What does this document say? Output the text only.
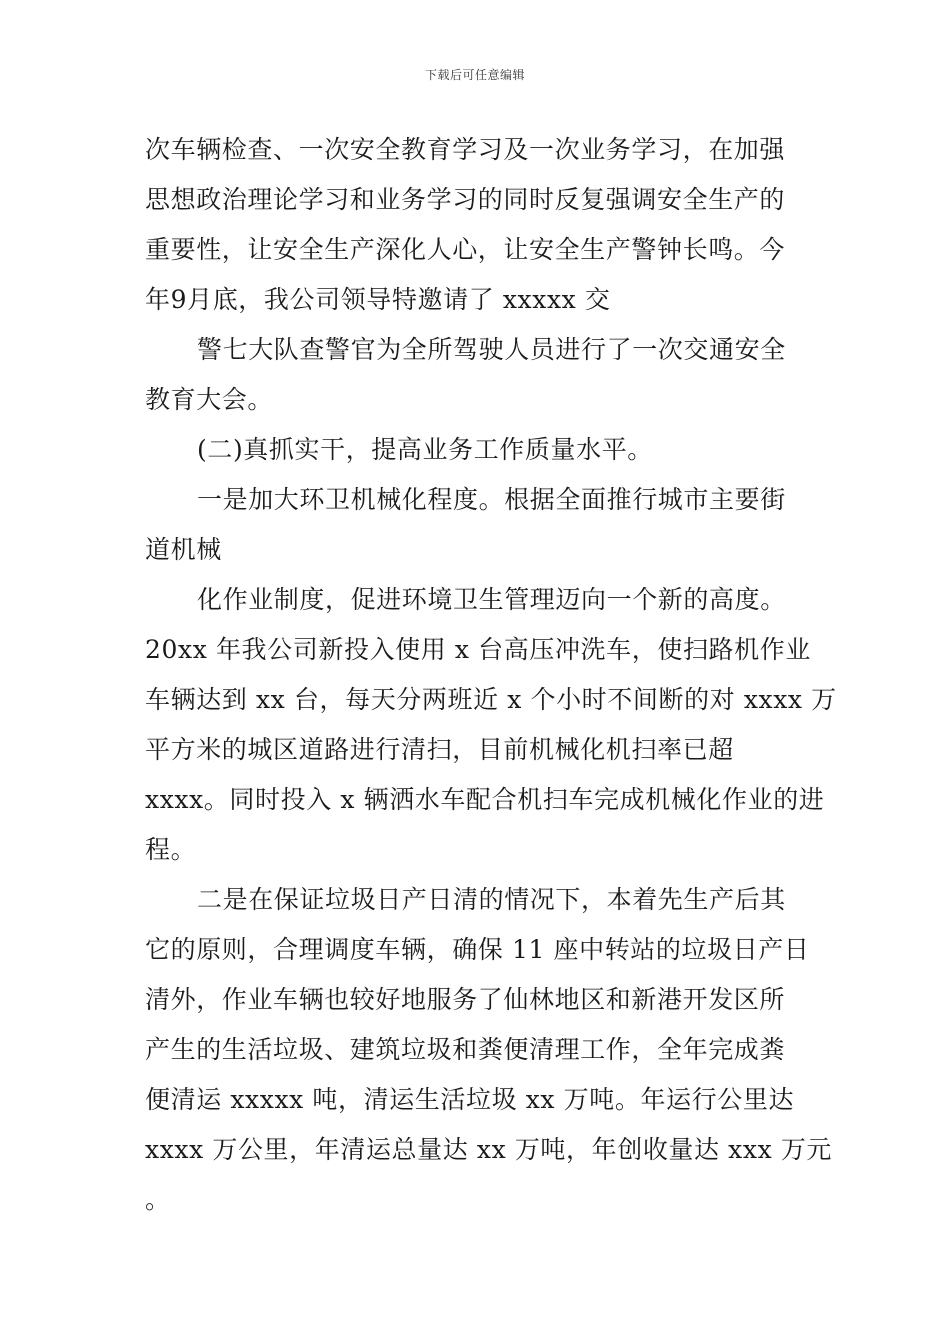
下载后可任意编辑
次车辆检查、一次安全教育学习及一次业务学习，在加强
思想政治理论学习和业务学习的同时反复强调安全生产的
重要性，让安全生产深化人心，让安全生产警钟长鸣。今
年9月底，我公司领导特邀请了 xxxxx 交
警七大队查警官为全所驾驶人员进行了一次交通安全
教育大会。
(二)真抓实干，提高业务工作质量水平。
一是加大环卫机械化程度。根据全面推行城市主要街
道机械
化作业制度，促进环境卫生管理迈向一个新的高度。
20xx 年我公司新投入使用 x 台高压冲洗车，使扫路机作业
车辆达到 xx 台，每天分两班近 x 个小时不间断的对 xxxx 万
平方米的城区道路进行清扫，目前机械化机扫率已超
xxxx。同时投入 x 辆洒水车配合机扫车完成机械化作业的进
程。
二是在保证垃圾日产日清的情况下，本着先生产后其
它的原则，合理调度车辆，确保 11 座中转站的垃圾日产日
清外，作业车辆也较好地服务了仙林地区和新港开发区所
产生的生活垃圾、建筑垃圾和粪便清理工作，全年完成粪
便清运 xxxxx 吨，清运生活垃圾 xx 万吨。年运行公里达
xxxx 万公里，年清运总量达 xx 万吨，年创收量达 xxx 万元
。
